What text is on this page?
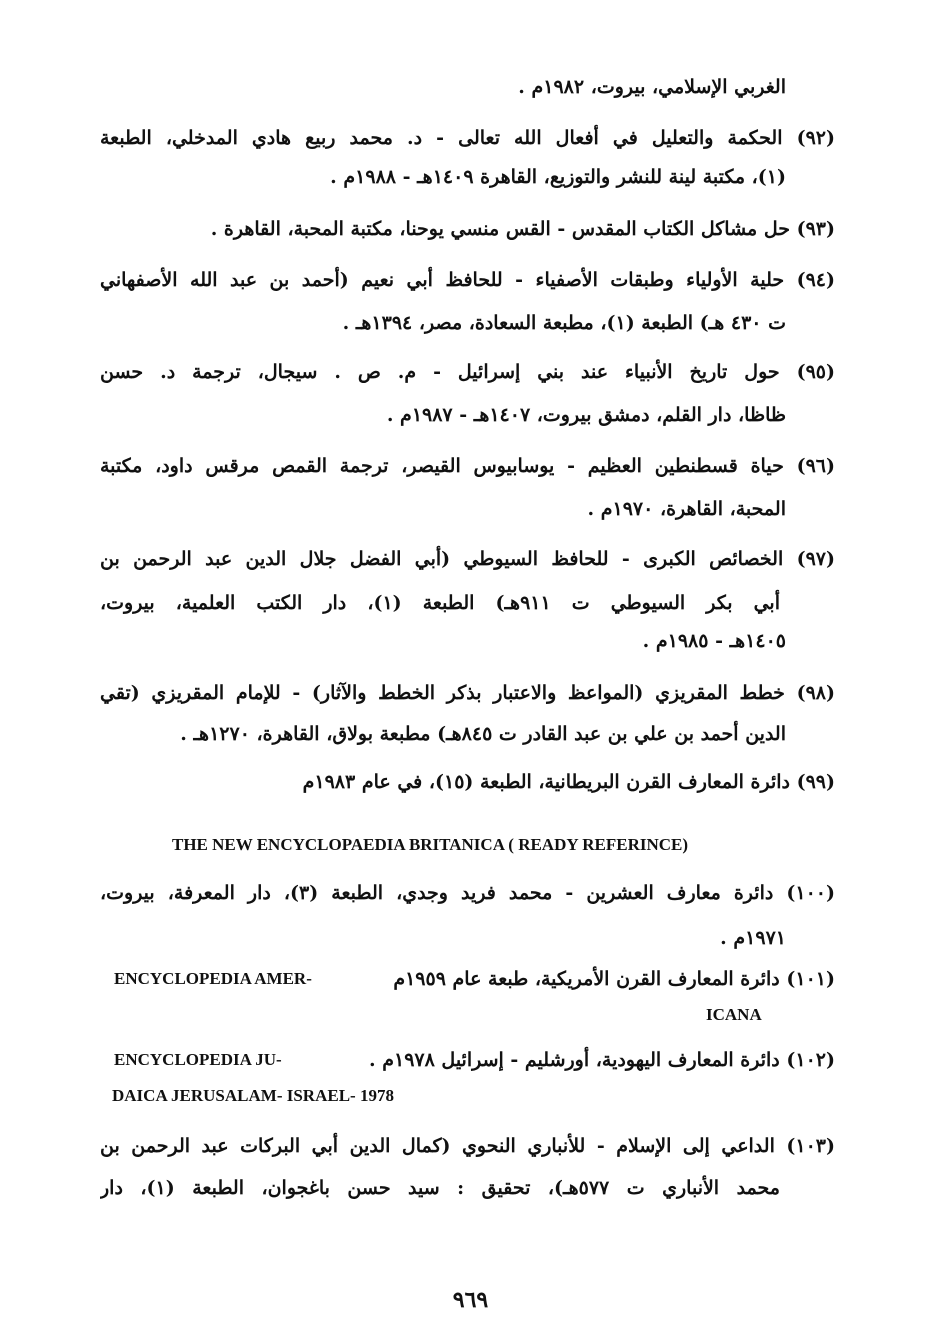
الغربي الإسلامي، بيروت، ١٩٨٢م .
(٩٢) الحكمة والتعليل في أفعال الله تعالى - د. محمد ربيع هادي المدخلي، الطبعة
(١)، مكتبة لينة للنشر والتوزيع، القاهرة ١٤٠٩هـ - ١٩٨٨م .
(٩٣) حل مشاكل الكتاب المقدس - القس منسي يوحنا، مكتبة المحبة، القاهرة .
(٩٤) حلية الأولياء وطبقات الأصفياء - للحافظ أبي نعيم (أحمد بن عبد الله الأصفهاني
ت ٤٣٠ هـ) الطبعة (١)، مطبعة السعادة، مصر، ١٣٩٤هـ .
(٩٥) حول تاريخ الأنبياء عند بني إسرائيل - م. ص . سيجال، ترجمة د. حسن
ظاظا، دار القلم، دمشق بيروت، ١٤٠٧هـ - ١٩٨٧م .
(٩٦) حياة قسطنطين العظيم - يوسابيوس القيصر، ترجمة القمص مرقس داود، مكتبة
المحبة، القاهرة، ١٩٧٠م .
(٩٧) الخصائص الكبرى - للحافظ السيوطي (أبي الفضل جلال الدين عبد الرحمن بن
أبي بكر السيوطي ت ٩١١هـ) الطبعة (١)، دار الكتب العلمية، بيروت،
١٤٠٥هـ - ١٩٨٥م .
(٩٨) خطط المقريزي (المواعظ والاعتبار بذكر الخطط والآثار) - للإمام المقريزي (تقي
الدين أحمد بن علي بن عبد القادر ت ٨٤٥هـ) مطبعة بولاق، القاهرة، ١٢٧٠هـ .
(٩٩) دائرة المعارف القرن البريطانية، الطبعة (١٥)، في عام ١٩٨٣م
THE NEW ENCYCLOPAEDIA BRITANICA ( READY REFERINCE)
(١٠٠) دائرة معارف العشرين - محمد فريد وجدي، الطبعة (٣)، دار المعرفة، بيروت،
١٩٧١م .
(١٠١) دائرة المعارف القرن الأمريكية، طبعة عام ١٩٥٩م
ENCYCLOPEDIA AMER-
ICANA
(١٠٢) دائرة المعارف اليهودية، أورشليم - إسرائيل ١٩٧٨م .
ENCYCLOPEDIA JU-
DAICA JERUSALAM- ISRAEL- 1978
(١٠٣) الداعي إلى الإسلام - للأنباري النحوي (كمال الدين أبي البركات عبد الرحمن بن
محمد الأنباري ت ٥٧٧هـ)، تحقيق : سيد حسن باغجوان، الطبعة (١)، دار
٩٦٩
